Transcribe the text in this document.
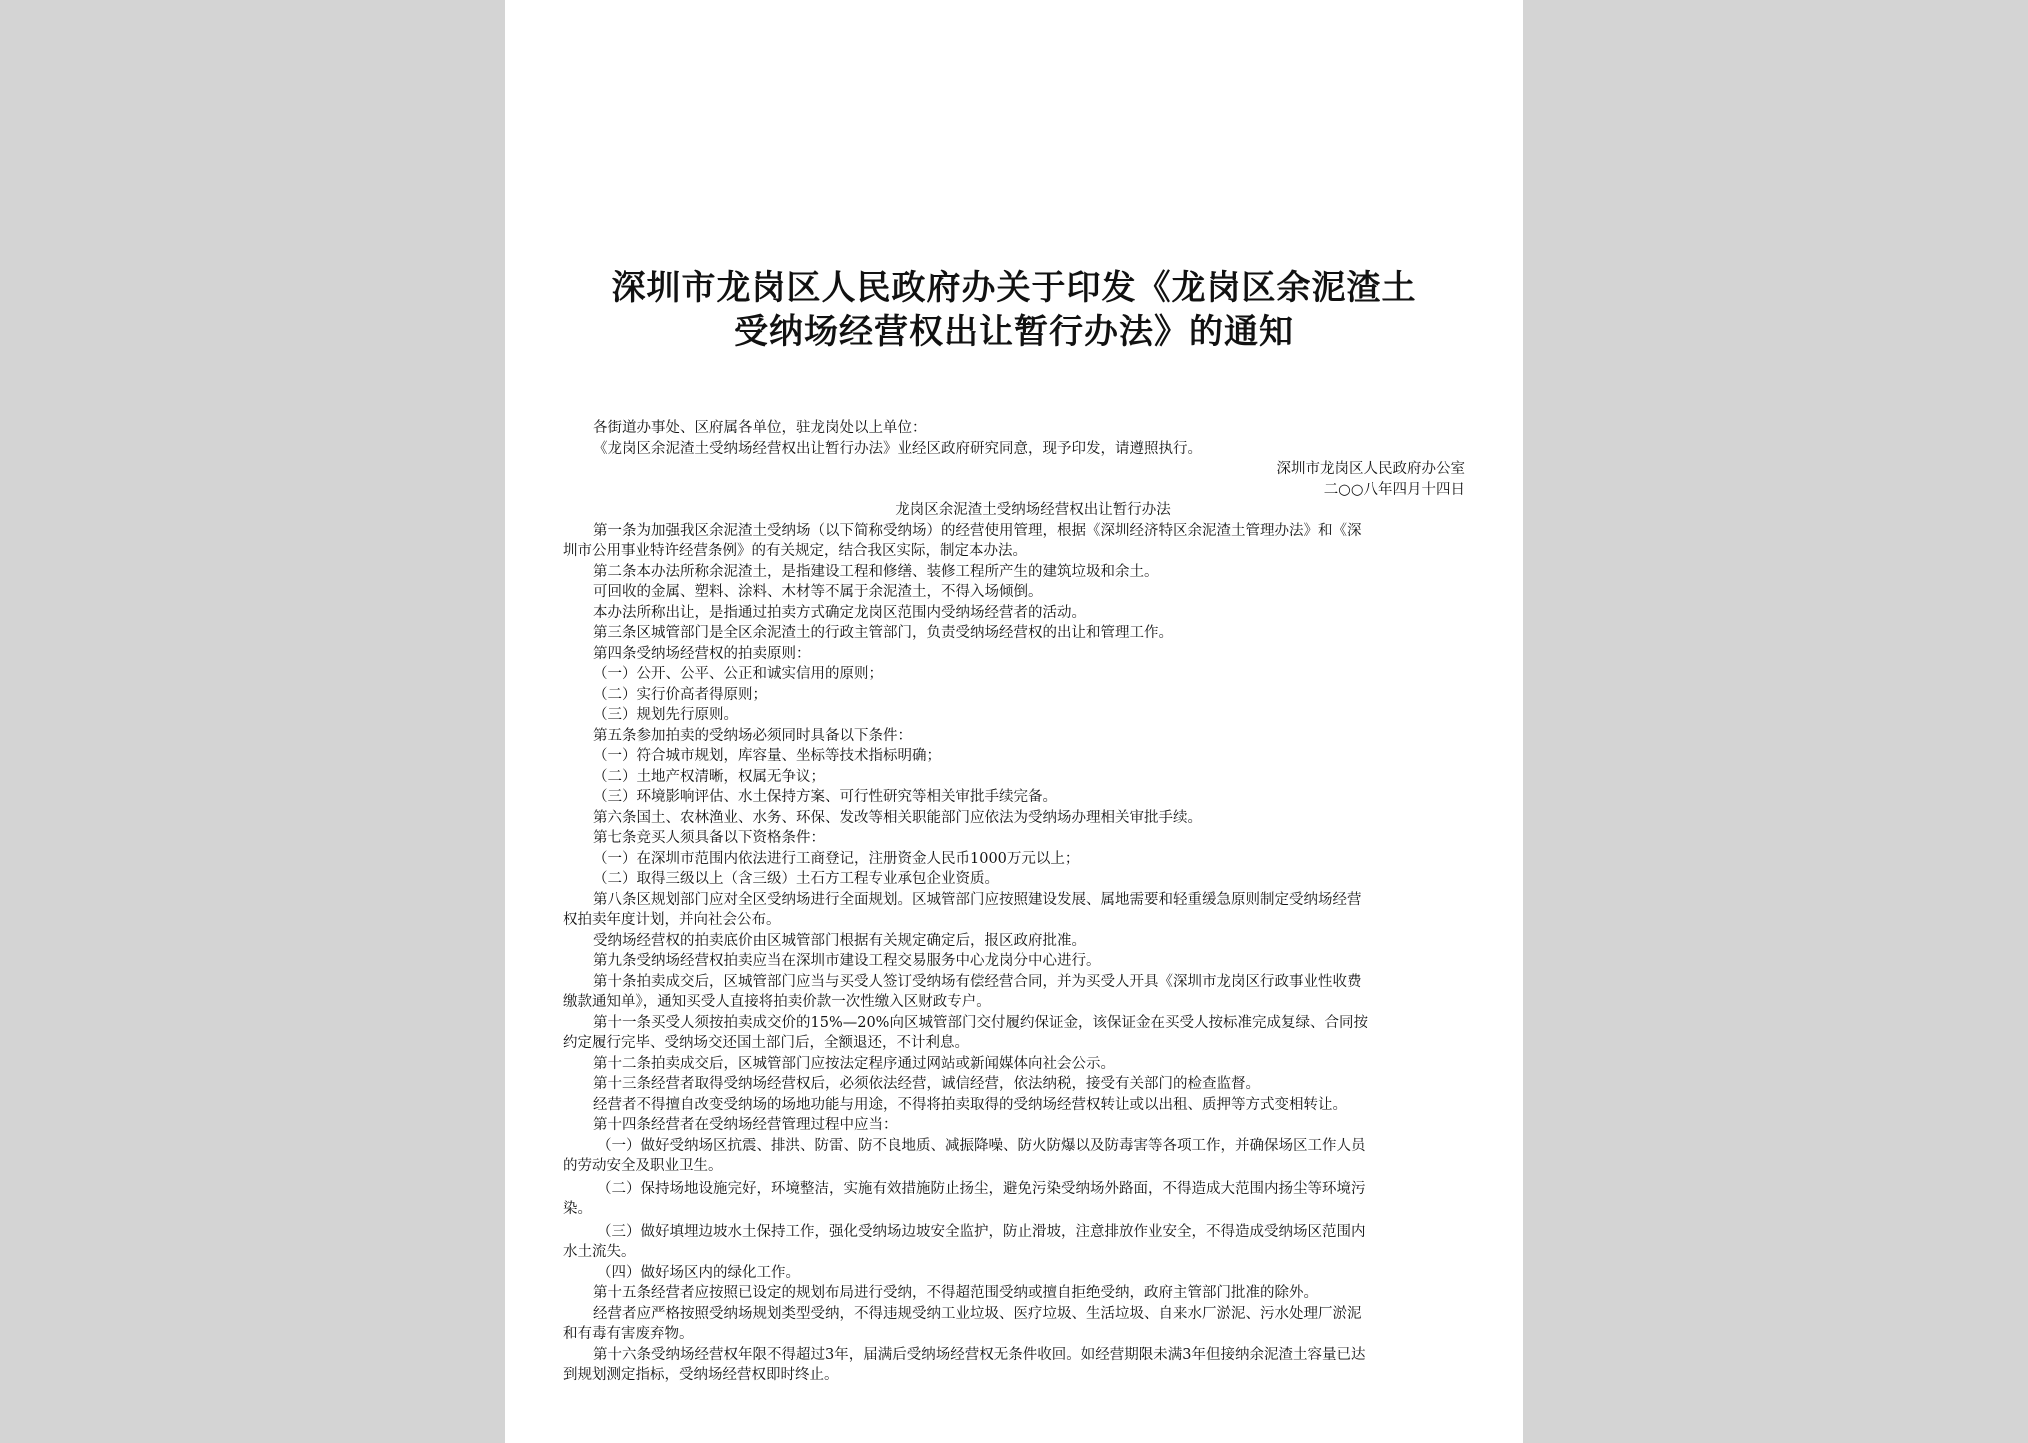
深圳市龙岗区人民政府办关于印发《龙岗区余泥渣土
受纳场经营权出让暂行办法》的通知
各街道办事处、区府属各单位，驻龙岗处以上单位：
《龙岗区余泥渣土受纳场经营权出让暂行办法》业经区政府研究同意，现予印发，请遵照执行。
深圳市龙岗区人民政府办公室
二○○八年四月十四日
龙岗区余泥渣土受纳场经营权出让暂行办法
第一条为加强我区余泥渣土受纳场（以下简称受纳场）的经营使用管理，根据《深圳经济特区余泥渣土管理办法》和《深
圳市公用事业特许经营条例》的有关规定，结合我区实际，制定本办法。
第二条本办法所称余泥渣土，是指建设工程和修缮、装修工程所产生的建筑垃圾和余土。
可回收的金属、塑料、涂料、木材等不属于余泥渣土，不得入场倾倒。
本办法所称出让，是指通过拍卖方式确定龙岗区范围内受纳场经营者的活动。
第三条区城管部门是全区余泥渣土的行政主管部门，负责受纳场经营权的出让和管理工作。
第四条受纳场经营权的拍卖原则：
（一）公开、公平、公正和诚实信用的原则；
（二）实行价高者得原则；
（三）规划先行原则。
第五条参加拍卖的受纳场必须同时具备以下条件：
（一）符合城市规划，库容量、坐标等技术指标明确；
（二）土地产权清晰，权属无争议；
（三）环境影响评估、水土保持方案、可行性研究等相关审批手续完备。
第六条国土、农林渔业、水务、环保、发改等相关职能部门应依法为受纳场办理相关审批手续。
第七条竞买人须具备以下资格条件：
（一）在深圳市范围内依法进行工商登记，注册资金人民币1000万元以上；
（二）取得三级以上（含三级）土石方工程专业承包企业资质。
第八条区规划部门应对全区受纳场进行全面规划。区城管部门应按照建设发展、属地需要和轻重缓急原则制定受纳场经营
权拍卖年度计划，并向社会公布。
受纳场经营权的拍卖底价由区城管部门根据有关规定确定后，报区政府批准。
第九条受纳场经营权拍卖应当在深圳市建设工程交易服务中心龙岗分中心进行。
第十条拍卖成交后，区城管部门应当与买受人签订受纳场有偿经营合同，并为买受人开具《深圳市龙岗区行政事业性收费
缴款通知单》，通知买受人直接将拍卖价款一次性缴入区财政专户。
第十一条买受人须按拍卖成交价的15%—20%向区城管部门交付履约保证金，该保证金在买受人按标准完成复绿、合同按
约定履行完毕、受纳场交还国土部门后，全额退还，不计利息。
第十二条拍卖成交后，区城管部门应按法定程序通过网站或新闻媒体向社会公示。
第十三条经营者取得受纳场经营权后，必须依法经营，诚信经营，依法纳税，接受有关部门的检查监督。
经营者不得擅自改变受纳场的场地功能与用途，不得将拍卖取得的受纳场经营权转让或以出租、质押等方式变相转让。
第十四条经营者在受纳场经营管理过程中应当：
（一）做好受纳场区抗震、排洪、防雷、防不良地质、减振降噪、防火防爆以及防毒害等各项工作，并确保场区工作人员
的劳动安全及职业卫生。
（二）保持场地设施完好，环境整洁，实施有效措施防止扬尘，避免污染受纳场外路面，不得造成大范围内扬尘等环境污
染。
（三）做好填埋边坡水土保持工作，强化受纳场边坡安全监护，防止滑坡，注意排放作业安全，不得造成受纳场区范围内
水土流失。
（四）做好场区内的绿化工作。
第十五条经营者应按照已设定的规划布局进行受纳，不得超范围受纳或擅自拒绝受纳，政府主管部门批准的除外。
经营者应严格按照受纳场规划类型受纳，不得违规受纳工业垃圾、医疗垃圾、生活垃圾、自来水厂淤泥、污水处理厂淤泥
和有毒有害废弃物。
第十六条受纳场经营权年限不得超过3年，届满后受纳场经营权无条件收回。如经营期限未满3年但接纳余泥渣土容量已达
到规划测定指标，受纳场经营权即时终止。
